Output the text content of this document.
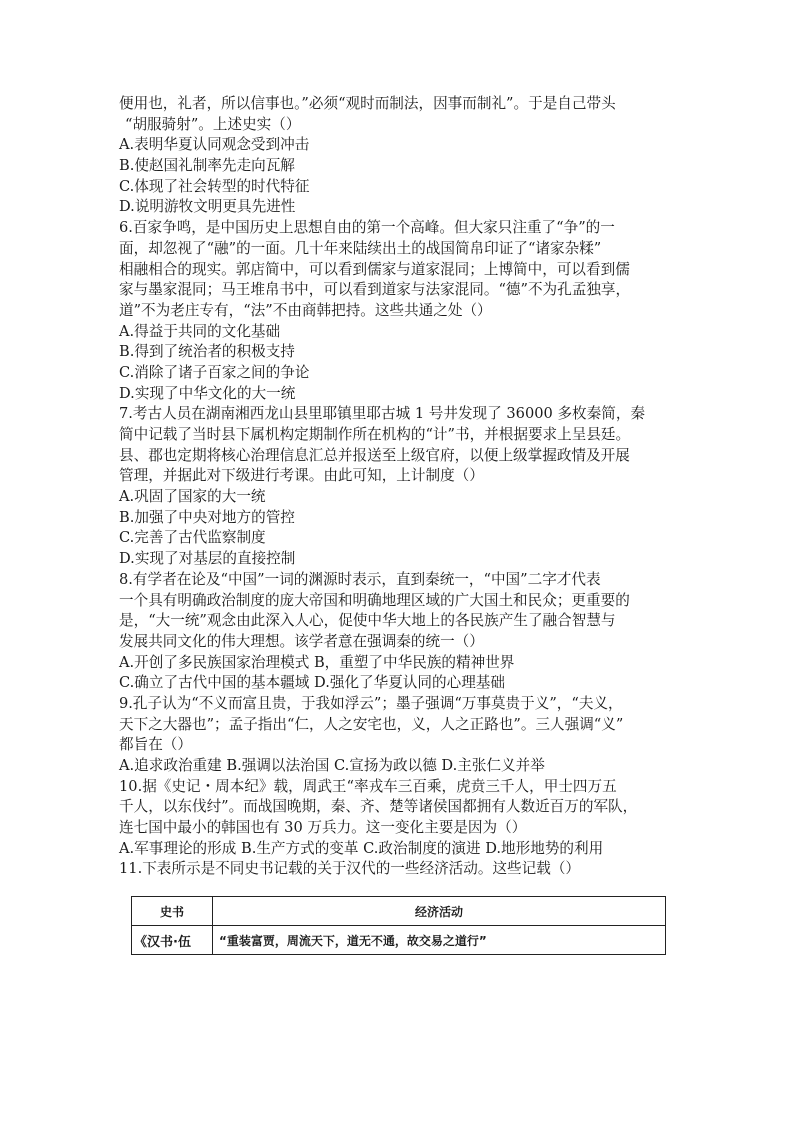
便用也，礼者，所以信事也。”必须“观时而制法，因事而制礼”。于是自己带头
“胡服骑射”。上述史实（）
A.表明华夏认同观念受到冲击
B.使赵国礼制率先走向瓦解
C.体现了社会转型的时代特征
D.说明游牧文明更具先进性
6.百家争鸣，是中国历史上思想自由的第一个高峰。但大家只注重了“争”的一
面，却忽视了“融”的一面。几十年来陆续出土的战国简帛印证了“诸家杂糅”
相融相合的现实。郭店简中，可以看到儒家与道家混同；上博简中，可以看到儒
家与墨家混同；马王堆帛书中，可以看到道家与法家混同。“德”不为孔孟独享，
道”不为老庄专有，“法”不由商韩把持。这些共通之处（）
A.得益于共同的文化基础
B.得到了统治者的积极支持
C.消除了诸子百家之间的争论
D.实现了中华文化的大一统
7.考古人员在湖南湘西龙山县里耶镇里耶古城 1 号井发现了 36000 多枚秦简，秦
简中记载了当时县下属机构定期制作所在机构的“计”书，并根据要求上呈县廷。
县、郡也定期将核心治理信息汇总并报送至上级官府，以便上级掌握政情及开展
管理，并据此对下级进行考课。由此可知，上计制度（）
A.巩固了国家的大一统
B.加强了中央对地方的管控
C.完善了古代监察制度
D.实现了对基层的直接控制
8.有学者在论及“中国”一词的渊源时表示，直到秦统一，“中国”二字才代表
一个具有明确政治制度的庞大帝国和明确地理区域的广大国土和民众；更重要的
是，“大一统”观念由此深入人心，促使中华大地上的各民族产生了融合智慧与
发展共同文化的伟大理想。该学者意在强调秦的统一（）
A.开创了多民族国家治理模式 B，重塑了中华民族的精神世界
C.确立了古代中国的基本疆域 D.强化了华夏认同的心理基础
9.孔子认为“不义而富且贵，于我如浮云”；墨子强调“万事莫贵于义”，“夫义，
天下之大器也”；孟子指出“仁，人之安宅也，义，人之正路也”。三人强调“义”
都旨在（）
A.追求政治重建 B.强调以法治国 C.宣扬为政以德 D.主张仁义并举
10.据《史记・周本纪》载，周武王“率戎车三百乘，虎贲三千人，甲士四万五
千人，以东伐纣”。而战国晚期，秦、齐、楚等诸侯国都拥有人数近百万的军队，
连七国中最小的韩国也有 30 万兵力。这一变化主要是因为（）
A.军事理论的形成 B.生产方式的变革 C.政治制度的演进 D.地形地势的利用
11.下表所示是不同史书记载的关于汉代的一些经济活动。这些记载（）
史书	经济活动
《汉书·伍	“重装富贾，周流天下，道无不通，故交易之道行”
